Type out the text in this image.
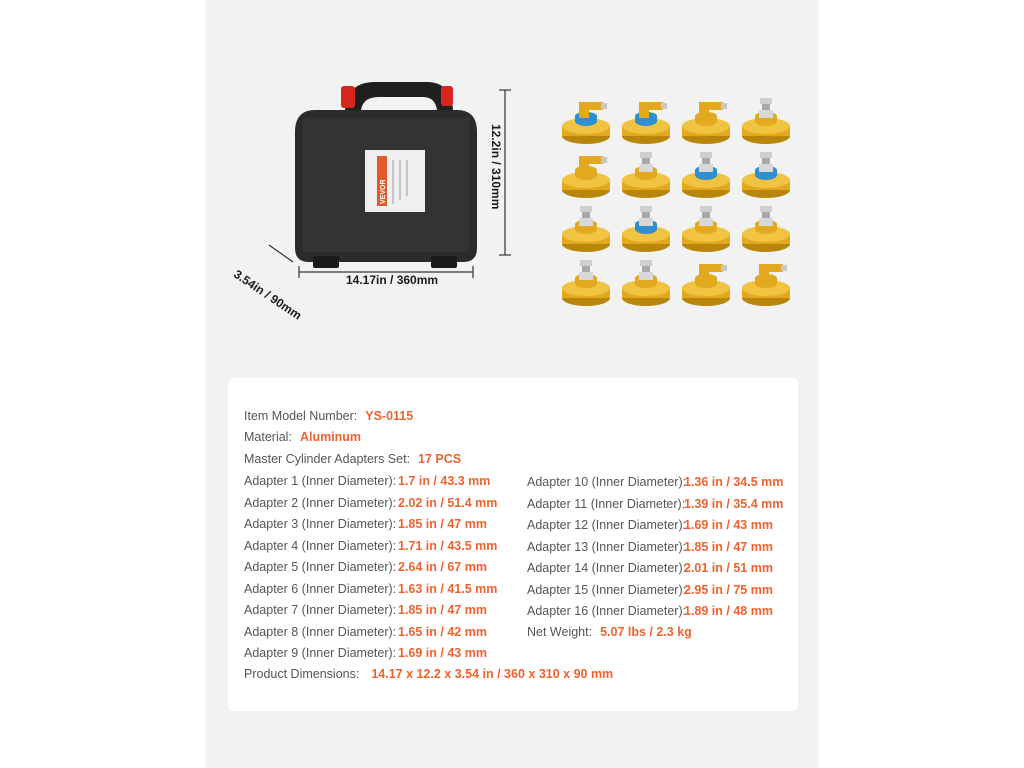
VEVOR
14.17in / 360mm
12.2in / 310mm
3.54in / 90mm
Item Model Number: YS-0115
Material: Aluminum
Master Cylinder Adapters Set: 17 PCS
Adapter 1 (Inner Diameter): 1.7 in / 43.3 mm
Adapter 2 (Inner Diameter): 2.02 in / 51.4 mm
Adapter 3 (Inner Diameter): 1.85 in / 47 mm
Adapter 4 (Inner Diameter): 1.71 in / 43.5 mm
Adapter 5 (Inner Diameter): 2.64 in / 67 mm
Adapter 6 (Inner Diameter): 1.63 in / 41.5 mm
Adapter 7 (Inner Diameter): 1.85 in / 47 mm
Adapter 8 (Inner Diameter): 1.65 in / 42 mm
Adapter 9 (Inner Diameter): 1.69 in / 43 mm
Adapter 10 (Inner Diameter):
1.36 in / 34.5 mm
Adapter 11 (Inner Diameter):
1.39 in / 35.4 mm
Adapter 12 (Inner Diameter):
1.69 in / 43 mm
Adapter 13 (Inner Diameter):
1.85 in / 47 mm
Adapter 14 (Inner Diameter):
2.01 in / 51 mm
Adapter 15 (Inner Diameter):
2.95 in / 75 mm
Adapter 16 (Inner Diameter):
1.89 in / 48 mm
Net Weight: 5.07 lbs / 2.3 kg
Product Dimensions: 14.17 x 12.2 x 3.54 in / 360 x 310 x 90 mm
